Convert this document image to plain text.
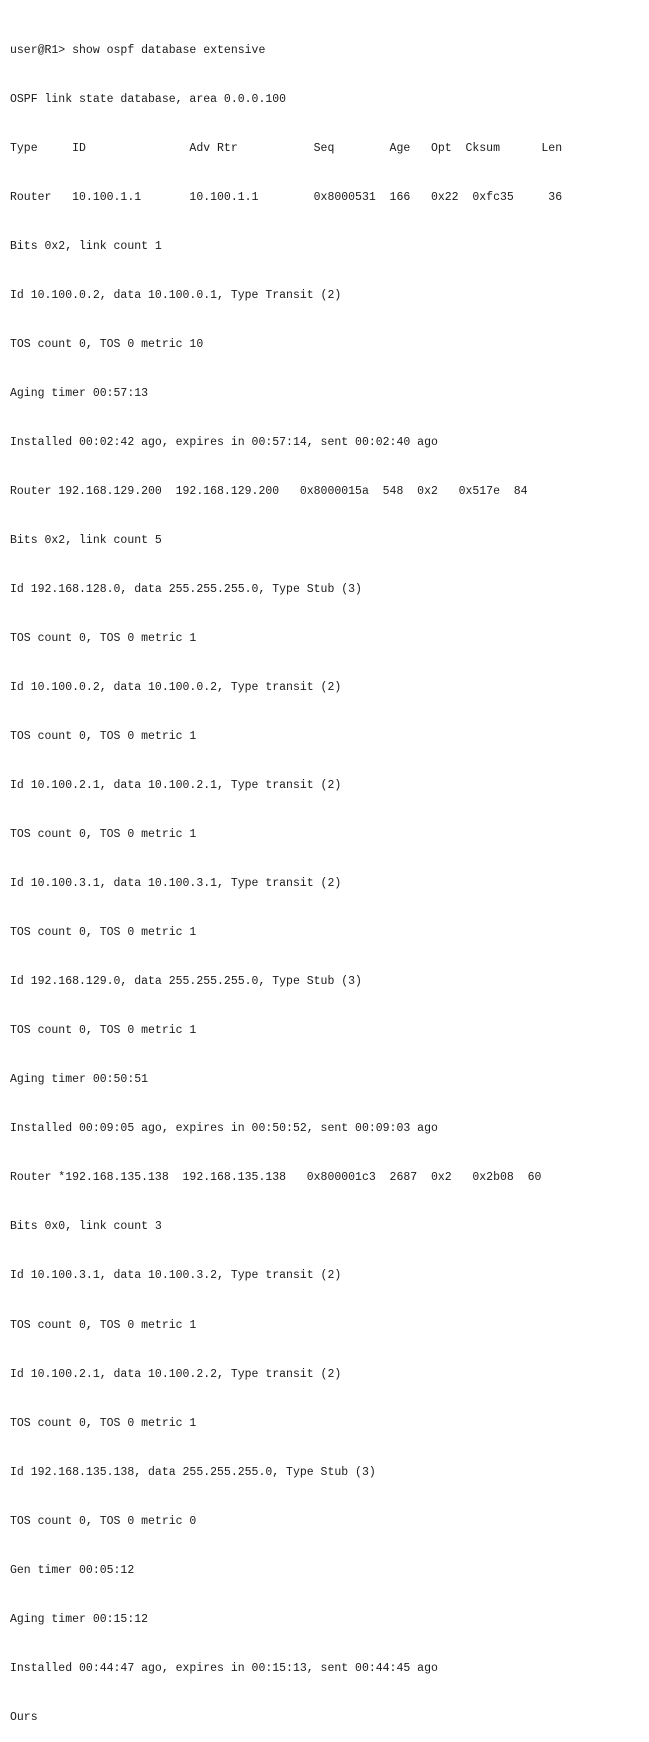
user@R1> show ospf database extensive

OSPF link state database, area 0.0.0.100

Type     ID               Adv Rtr           Seq        Age   Opt  Cksum      Len

Router   10.100.1.1       10.100.1.1        0x8000531  166   0x22  0xfc35     36

Bits 0x2, link count 1

Id 10.100.0.2, data 10.100.0.1, Type Transit (2)

TOS count 0, TOS 0 metric 10

Aging timer 00:57:13

Installed 00:02:42 ago, expires in 00:57:14, sent 00:02:40 ago

Router 192.168.129.200  192.168.129.200   0x8000015a  548  0x2   0x517e  84

Bits 0x2, link count 5

Id 192.168.128.0, data 255.255.255.0, Type Stub (3)

TOS count 0, TOS 0 metric 1

Id 10.100.0.2, data 10.100.0.2, Type transit (2)

TOS count 0, TOS 0 metric 1

Id 10.100.2.1, data 10.100.2.1, Type transit (2)

TOS count 0, TOS 0 metric 1

Id 10.100.3.1, data 10.100.3.1, Type transit (2)

TOS count 0, TOS 0 metric 1

Id 192.168.129.0, data 255.255.255.0, Type Stub (3)

TOS count 0, TOS 0 metric 1

Aging timer 00:50:51

Installed 00:09:05 ago, expires in 00:50:52, sent 00:09:03 ago

Router *192.168.135.138  192.168.135.138   0x800001c3  2687  0x2   0x2b08  60

Bits 0x0, link count 3

Id 10.100.3.1, data 10.100.3.2, Type transit (2)

TOS count 0, TOS 0 metric 1

Id 10.100.2.1, data 10.100.2.2, Type transit (2)

TOS count 0, TOS 0 metric 1

Id 192.168.135.138, data 255.255.255.0, Type Stub (3)

TOS count 0, TOS 0 metric 0

Gen timer 00:05:12

Aging timer 00:15:12

Installed 00:44:47 ago, expires in 00:15:13, sent 00:44:45 ago

Ours
